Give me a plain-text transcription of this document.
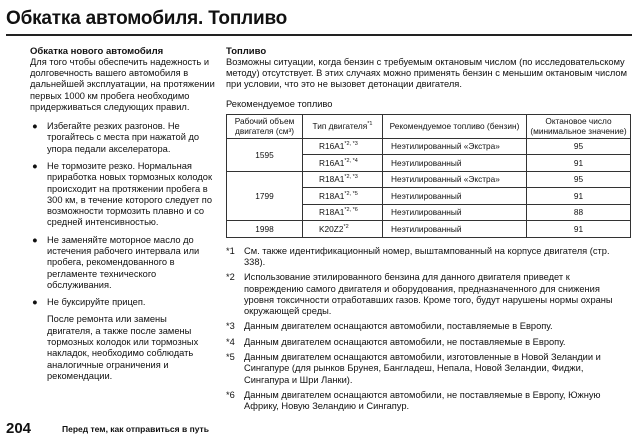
Обкатка автомобиля. Топливо
Обкатка нового автомобиля

Для того чтобы обеспечить надежность и долговечность вашего автомобиля в дальнейшей эксплуатации, на протяжении первых 1000 км пробега необходимо придерживаться следующих правил.

● Избегайте резких разгонов. Не трогайтесь с места при нажатой до упора педали акселератора.
● Не тормозите резко. Нормальная приработка новых тормозных колодок происходит на протяжении пробега в 300 км, в течение которого следует по возможности тормозить плавно и со средней интенсивностью.
● Не заменяйте моторное масло до истечения рабочего интервала или пробега, рекомендованного в регламенте технического обслуживания.
● Не буксируйте прицеп.

После ремонта или замены двигателя, а также после замены тормозных колодок или тормозных накладок, необходимо соблюдать аналогичные ограничения и рекомендации.

Топливо

Возможны ситуации, когда бензин с требуемым октановым числом (по исследовательскому методу) отсутствует. В этих случаях можно применять бензин с меньшим октановым числом при условии, что это не вызовет детонации двигателя.

Рекомендуемое топливо
Рабочий объем двигателя (см³)	Тип двигателя$^{*1}$	Рекомендуемое топливо (бензин)	Октановое число (минимальное значение)
1595	$R16A1^{*2, *3}$	Неэтилированный «Экстра»	95
	$R16A1^{*2, *4}$	Неэтилированный	91
1799	$R18A1^{*2, *3}$	Неэтилированный «Экстра»	95
	$R18A1^{*2, *5}$	Неэтилированный	91
	$R18A1^{*2, *6}$	Неэтилированный	88
1998	K20Z2$^{*2}$	Неэтилированный	91
*1 См. также идентификационный номер, выштампованный на корпусе двигателя (стр. 338).
*2 Использование этилированного бензина для данного двигателя приведет к повреждению самого двигателя и оборудования, предназначенного для снижения уровня токсичности отработавших газов. Кроме того, будут нарушены нормы охраны окружающей среды.
*3 Данным двигателем оснащаются автомобили, поставляемые в Европу.
*4 Данным двигателем оснащаются автомобили, не поставляемые в Европу.
*5 Данным двигателем оснащаются автомобили, изготовленные в Новой Зеландии и Сингапуре (для рынков Брунея, Бангладеш, Непала, Новой Зеландии, Фиджи, Сингапура и Шри Ланки).
*6 Данным двигателем оснащаются автомобили, не поставляемые в Европу, Южную Африку, Новую Зеландию и Сингапур.
204	Перед тем, как отправиться в путь
